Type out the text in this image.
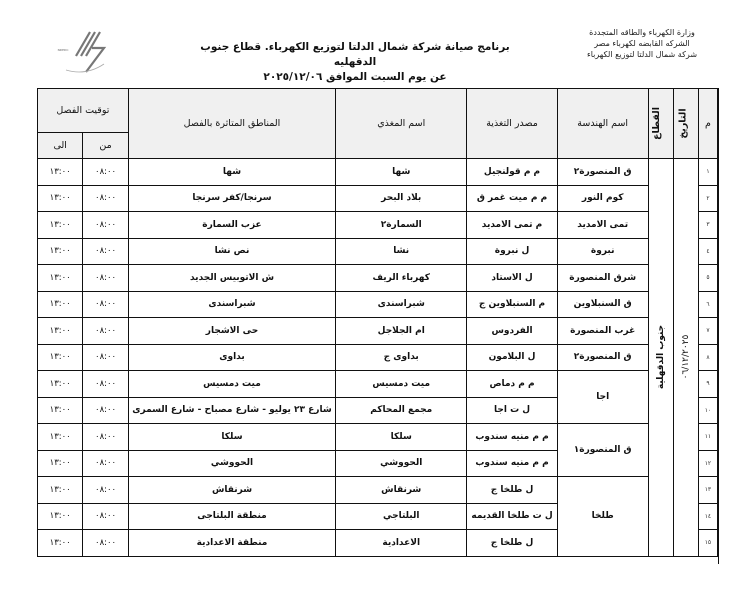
وزارة الكهرباء والطاقه المتجددة
الشركه القابضه لكهرباء مصر
شركة شمال الدلتا لتوزيع الكهرباء
برنامج صيانة شركة شمال الدلتا لتوزيع الكهرباء. قطاع جنوب الدقهليه
عن يوم السبت الموافق ٢٠٢٥/١٢/٠٦
NDEDC
م	التاريخ	القطاع	اسم الهندسة	مصدر التغذية	اسم المغذي	المناطق المتاثرة بالفصل	توقيت الفصل	
							من	الى
١	٠٦/١٢/٢٠٢٥	جنوب الدقهلية	ق المنصورة٢	م م قولنجيل	شها	شها	٠٨:٠٠	١٣:٠٠
٢			كوم النور	م م ميت غمر ق	بلاد البحر	سرنجا/كفر سرنجا	٠٨:٠٠	١٣:٠٠
٣			تمى الامديد	م تمى الامديد	السمارة٢	عزب السمارة	٠٨:٠٠	١٣:٠٠
٤			نبروة	ل نبروة	نشا	نص نشا	٠٨:٠٠	١٣:٠٠
٥			شرق المنصورة	ل الاستاد	كهرباء الريف	ش الاتوبيس الجديد	٠٨:٠٠	١٣:٠٠
٦			ق السنبلاوين	م السنبلاوين ج	شبراسندى	شبراسندى	٠٨:٠٠	١٣:٠٠
٧			غرب المنصورة	الفردوس	ام الجلاجل	حى الاشجار	٠٨:٠٠	١٣:٠٠
٨			ق المنصورة٢	ل البلامون	بداوى ج	بداوى	٠٨:٠٠	١٣:٠٠
٩			اجا	م م دماص	ميت دمسيس	ميت دمسيس	٠٨:٠٠	١٣:٠٠
١٠				ل ت اجا	مجمع المحاكم	شارع ٢٣ يوليو - شارع مصباح - شارع السمرى	٠٨:٠٠	١٣:٠٠
١١			ق المنصورة١	م م منيه سندوب	سلكا	سلكا	٠٨:٠٠	١٣:٠٠
١٢				م م منيه سندوب	الحووشي	الحووشي	٠٨:٠٠	١٣:٠٠
١٣			طلخا	ل طلخا ج	شرنقاش	شرنقاش	٠٨:٠٠	١٣:٠٠
١٤				ل ت طلخا القديمه	البلتاجي	منطقة البلتاجى	٠٨:٠٠	١٣:٠٠
١٥				ل طلخا ج	الاعدادية	منطقة الاعدادية	٠٨:٠٠	١٣:٠٠
